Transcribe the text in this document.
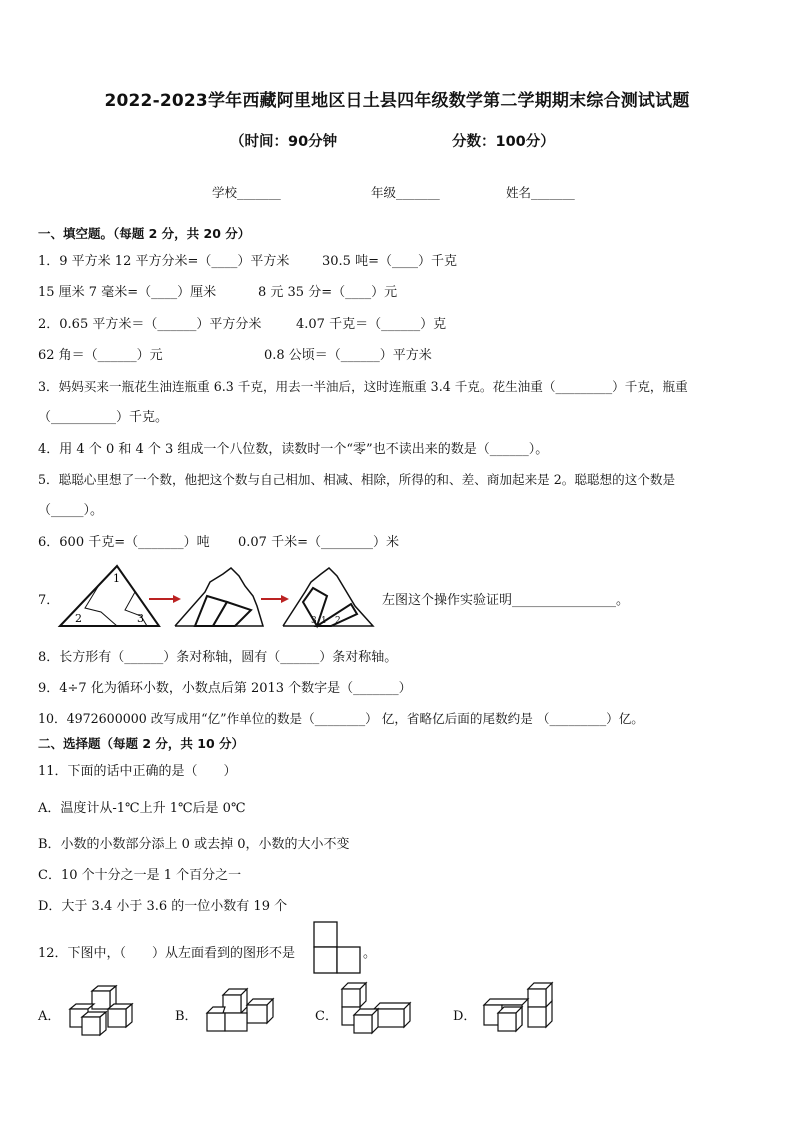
2022-2023学年西藏阿里地区日土县四年级数学第二学期期末综合测试试题
（时间：90分钟	分数：100分）
学校_______	年级_______	姓名_______
一、填空题。（每题 2 分，共 20 分）
1．9 平方米 12 平方分米=（____）平方米	30.5 吨=（____）千克
15 厘米 7 毫米=（____）厘米	8 元 35 分=（____）元
2．0.65 平方米＝（______）平方分米	4.07 千克＝（______）克
62 角＝（______）元	0.8 公顷＝（______）平方米
3．妈妈买来一瓶花生油连瓶重 6.3 千克，用去一半油后，这时连瓶重 3.4 千克。花生油重（_________）千克，瓶重
（__________）千克。
4．用 4 个 0 和 4 个 3 组成一个八位数，读数时一个“零”也不读出来的数是（______）。
5．聪聪心里想了一个数，他把这个数与自己相加、相减、相除，所得的和、差、商加起来是 2。聪聪想的这个数是
（_____）。
6．600 千克=（_______）吨 0.07 千米=（________）米
7．
1
2	3	3 1 2
左图这个操作实验证明________________。
8．长方形有（______）条对称轴，圆有（______）条对称轴。
9．4÷7 化为循环小数，小数点后第 2013 个数字是（_______）
10．4972600000 改写成用“亿”作单位的数是（________） 亿，省略亿后面的尾数约是 （_________）亿。
二、选择题（每题 2 分，共 10 分）
11．下面的话中正确的是（　　）
A．温度计从-1℃上升 1℃后是 0℃
B．小数的小数部分添上 0 或去掉 0，小数的大小不变
C．10 个十分之一是 1 个百分之一
D．大于 3.4 小于 3.6 的一位小数有 19 个
12．下图中，（　　）从左面看到的图形不是	。
A．	B．	C．	D．
